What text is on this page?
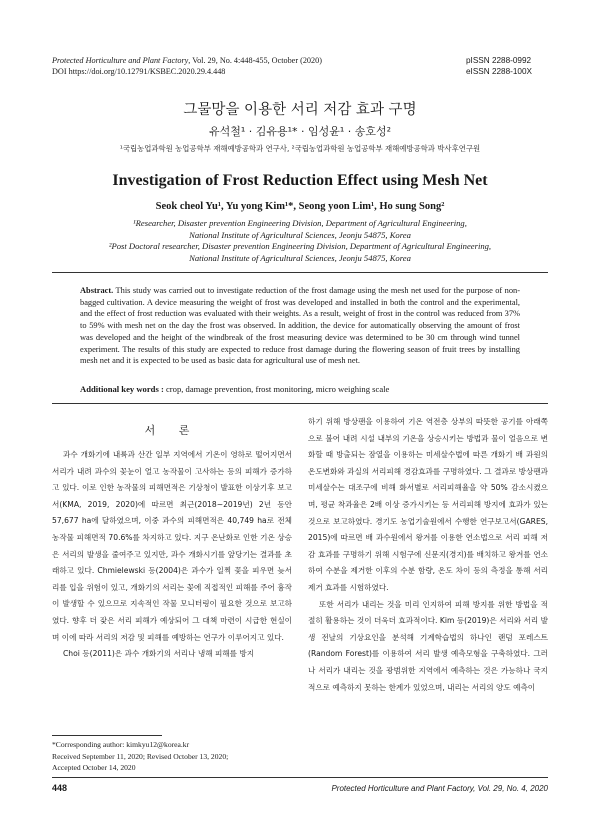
Protected Horticulture and Plant Factory, Vol. 29, No. 4:448-455, October (2020)
DOI https://doi.org/10.12791/KSBEC.2020.29.4.448
pISSN 2288-0992
eISSN 2288-100X
그물망을 이용한 서리 저감 효과 구명
유석철¹ · 김유용¹* · 임성윤¹ · 송호성²
¹국립농업과학원 농업공학부 재해예방공학과 연구사, ²국립농업과학원 농업공학부 재해예방공학과 박사후연구원
Investigation of Frost Reduction Effect using Mesh Net
Seok cheol Yu¹, Yu yong Kim¹*, Seong yoon Lim¹, Ho sung Song²
¹Researcher, Disaster prevention Engineering Division, Department of Agricultural Engineering,
National Institute of Agricultural Sciences, Jeonju 54875, Korea
²Post Doctoral researcher, Disaster prevention Engineering Division, Department of Agricultural Engineering,
National Institute of Agricultural Sciences, Jeonju 54875, Korea
Abstract. This study was carried out to investigate reduction of the frost damage using the mesh net used for the purpose of non-bagged cultivation. A device measuring the weight of frost was developed and installed in both the control and the experimental, and the effect of frost reduction was evaluated with their weights. As a result, weight of frost in the control was reduced from 37% to 59% with mesh net on the day the frost was observed. In addition, the device for automatically observing the amount of frost was developed and the height of the windbreak of the frost measuring device was determined to be 30 cm through wind tunnel experiment. The results of this study are expected to reduce frost damage during the flowering season of fruit trees by installing mesh net and it is expected to be used as basic data for agricultural use of mesh net.
Additional key words : crop, damage prevention, frost monitoring, micro weighing scale
서 론

과수 개화기에 내륙과 산간 일부 지역에서 기온이 영하로 떨어지면서 서리가 내려 과수의 꽃눈이 얼고 농작물이 고사하는 등의 피해가 증가하고 있다. 이로 인한 농작물의 피해면적은 기상청이 발표한 이상기후 보고서(KMA, 2019, 2020)에 따르면 최근(2018~2019년) 2년 동안 57,677 ha에 달하였으며, 이중 과수의 피해면적은 40,749 ha로 전체 농작물 피해면적 70.6%를 차지하고 있다. 지구 온난화로 인한 기온 상승은 서리의 발생을 줄여주고 있지만, 과수 개화시기를 앞당기는 결과를 초래하고 있다. Chmielewski 등(2004)은 과수가 일찍 꽃을 피우면 늦서리를 입을 위험이 있고, 개화기의 서리는 꽃에 직접적인 피해를 주어 흉작이 발생할 수 있으므로 지속적인 작물 모니터링이 필요한 것으로 보고하였다. 향후 더 잦은 서리 피해가 예상되어 그 대책 마련이 시급한 현실이며 이에 따라 서리의 저감 및 피해를 예방하는 연구가 이루어지고 있다.

Choi 등(2011)은 과수 개화기의 서리나 냉해 피해를 방지

하기 위해 방상팬을 이용하여 기온 역전층 상부의 따뜻한 공기를 아래쪽으로 불어 내려 시설 내부의 기온을 상승시키는 방법과 물이 얼음으로 변화할 때 방출되는 잠열을 이용하는 미세살수법에 따른 개화기 배 과원의 온도변화와 과실의 서리피해 경감효과를 구명하였다. 그 결과로 방상팬과 미세살수는 대조구에 비해 화서별로 서리피해율을 약 50% 감소시켰으며, 평균 착과율은 2배 이상 증가시키는 등 서리피해 방지에 효과가 있는 것으로 보고하였다. 경기도 농업기술원에서 수행한 연구보고서(GARES, 2015)에 따르면 배 과수원에서 왕겨를 이용한 연소법으로 서리 피해 저감 효과를 구명하기 위해 시험구에 신문지(경지)를 배치하고 왕겨를 연소하여 수분을 제거한 이후의 수분 함량, 온도 차이 등의 측정을 통해 서리 제거 효과를 시험하였다.

또한 서리가 내리는 것을 미리 인지하여 피해 방지를 위한 방법을 적절히 활용하는 것이 더욱더 효과적이다. Kim 등(2019)은 서리와 서리 발생 전날의 기상요인을 분석해 기계학습법의 하나인 랜덤 포레스트(Random Forest)를 이용하여 서리 발생 예측모형을 구축하였다. 그러나 서리가 내리는 것을 광범위한 지역에서 예측하는 것은 가능하나 국지적으로 예측하지 못하는 한계가 있었으며, 내리는 서리의 양도 예측이

*Corresponding author: kimkyu12@korea.kr
Received September 11, 2020; Revised October 13, 2020;
Accepted October 14, 2020
448	Protected Horticulture and Plant Factory, Vol. 29, No. 4, 2020
